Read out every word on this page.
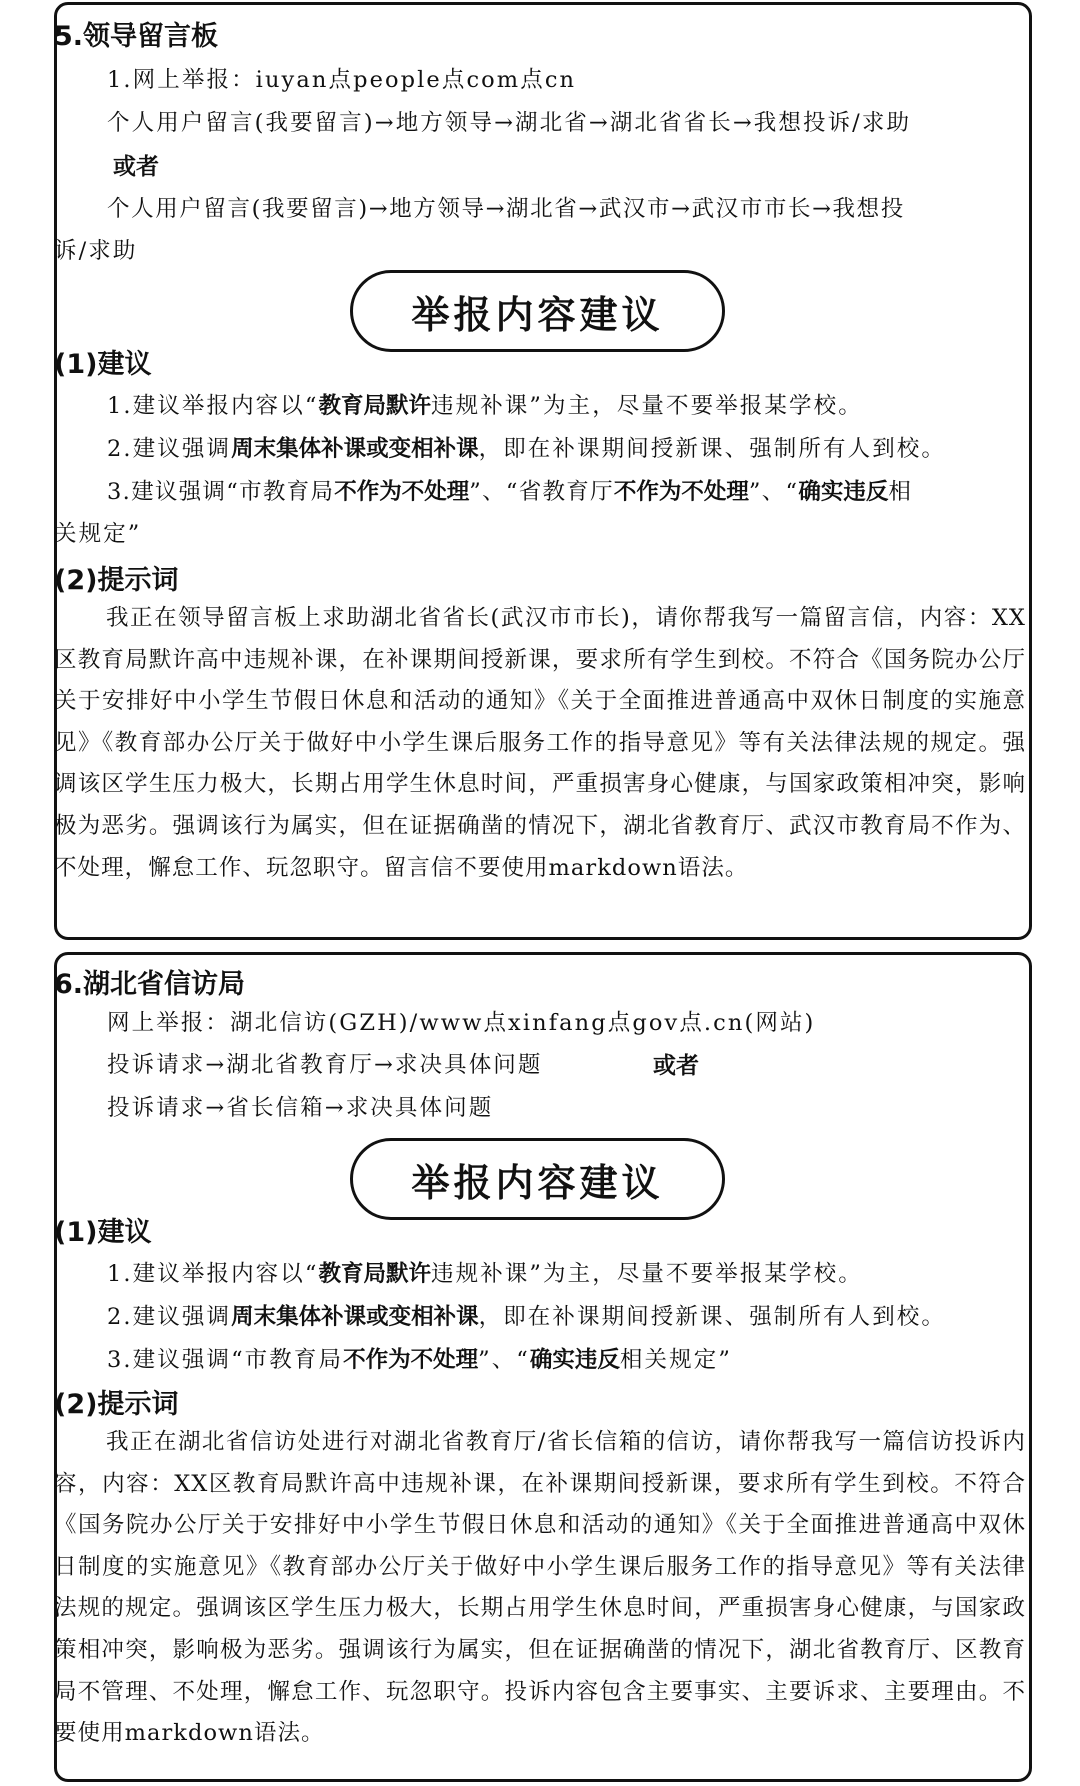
5.领导留言板
1.网上举报：iuyan点people点com点cn
个人用户留言(我要留言)→地方领导→湖北省→湖北省省长→我想投诉/求助
或者
个人用户留言(我要留言)→地方领导→湖北省→武汉市→武汉市市长→我想投
诉/求助
举报内容建议
(1)建议
1.建议举报内容以“教育局默许违规补课”为主，尽量不要举报某学校。
2.建议强调周末集体补课或变相补课，即在补课期间授新课、强制所有人到校。
3.建议强调“市教育局不作为不处理”、“省教育厅不作为不处理”、“确实违反相
关规定”
(2)提示词
我正在领导留言板上求助湖北省省长(武汉市市长)，请你帮我写一篇留言信，内容：XX区教育局默许高中违规补课，在补课期间授新课，要求所有学生到校。不符合《国务院办公厅关于安排好中小学生节假日休息和活动的通知》《关于全面推进普通高中双休日制度的实施意见》《教育部办公厅关于做好中小学生课后服务工作的指导意见》等有关法律法规的规定。强调该区学生压力极大，长期占用学生休息时间，严重损害身心健康，与国家政策相冲突，影响极为恶劣。强调该行为属实，但在证据确凿的情况下，湖北省教育厅、武汉市教育局不作为、不处理，懈怠工作、玩忽职守。留言信不要使用markdown语法。
6.湖北省信访局
网上举报：湖北信访(GZH)/www点xinfang点gov点.cn(网站)
投诉请求→湖北省教育厅→求决具体问题	或者
投诉请求→省长信箱→求决具体问题
举报内容建议
(1)建议
1.建议举报内容以“教育局默许违规补课”为主，尽量不要举报某学校。
2.建议强调周末集体补课或变相补课，即在补课期间授新课、强制所有人到校。
3.建议强调“市教育局不作为不处理”、“确实违反相关规定”
(2)提示词
我正在湖北省信访处进行对湖北省教育厅/省长信箱的信访，请你帮我写一篇信访投诉内容，内容：XX区教育局默许高中违规补课，在补课期间授新课，要求所有学生到校。不符合《国务院办公厅关于安排好中小学生节假日休息和活动的通知》《关于全面推进普通高中双休日制度的实施意见》《教育部办公厅关于做好中小学生课后服务工作的指导意见》等有关法律法规的规定。强调该区学生压力极大，长期占用学生休息时间，严重损害身心健康，与国家政策相冲突，影响极为恶劣。强调该行为属实，但在证据确凿的情况下，湖北省教育厅、区教育局不管理、不处理，懈怠工作、玩忽职守。投诉内容包含主要事实、主要诉求、主要理由。不要使用markdown语法。
